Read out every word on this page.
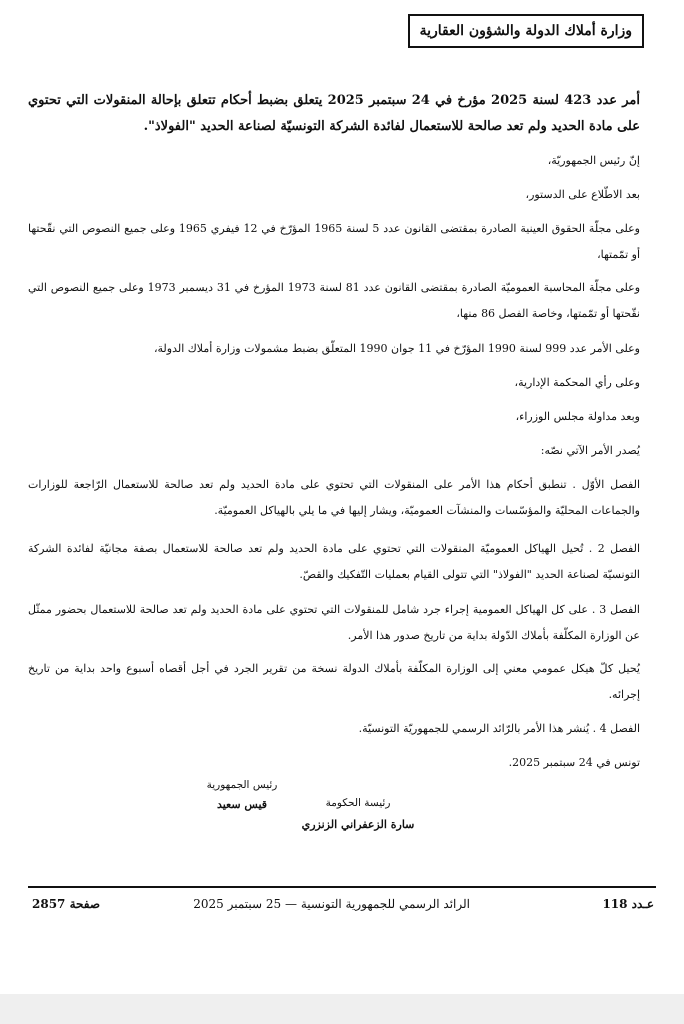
وزارة أملاك الدولة والشؤون العقارية
أمر عدد 423 لسنة 2025 مؤرخ في 24 سبتمبر 2025 يتعلق بضبط أحكام تتعلق بإحالة المنقولات التي تحتوي على مادة الحديد ولم تعد صالحة للاستعمال لفائدة الشركة التونسيّة لصناعة الحديد "الفولاذ".
إنّ رئيس الجمهوريّة،
بعد الاطّلاع على الدستور،
وعلى مجلّة الحقوق العينية الصادرة بمقتضى القانون عدد 5 لسنة 1965 المؤرّخ في 12 فيفري 1965 وعلى جميع النصوص التي نقّحتها أو تمّمتها،
وعلى مجلّة المحاسبة العموميّة الصادرة بمقتضى القانون عدد 81 لسنة 1973 المؤرخ في 31 ديسمبر 1973 وعلى جميع النصوص التي نقّحتها أو تمّمتها، وخاصة الفصل 86 منها،
وعلى الأمر عدد 999 لسنة 1990 المؤرّخ في 11 جوان 1990 المتعلّق بضبط مشمولات وزارة أملاك الدولة،
وعلى رأي المحكمة الإدارية،
وبعد مداولة مجلس الوزراء،
يُصدر الأمر الآتي نصّه:
الفصل الأوّل . تنطبق أحكام هذا الأمر على المنقولات التي تحتوي على مادة الحديد ولم تعد صالحة للاستعمال الرّاجعة للوزارات والجماعات المحليّة والمؤسّسات والمنشآت العموميّة، ويشار إليها في ما يلي بالهياكل العموميّة.
الفصل 2 . تُحيل الهياكل العموميّة المنقولات التي تحتوي على مادة الحديد ولم تعد صالحة للاستعمال بصفة مجانيّة لفائدة الشركة التونسيّة لصناعة الحديد "الفولاذ" التي تتولى القيام بعمليات التّفكيك والقصّ.
الفصل 3 . على كل الهياكل العمومية إجراء جرد شامل للمنقولات التي تحتوي على مادة الحديد ولم تعد صالحة للاستعمال بحضور ممثّل عن الوزارة المكلّفة بأملاك الدّولة بداية من تاريخ صدور هذا الأمر.
يُحيل كلّ هيكل عمومي معني إلى الوزارة المكلّفة بأملاك الدولة نسخة من تقرير الجرد في أجل أقصاه أسبوع واحد بداية من تاريخ إجرائه.
الفصل 4 . يُنشر هذا الأمر بالرّائد الرسمي للجمهوريّة التونسيّة.
تونس في 24 سبتمبر 2025.
رئيس الجمهورية
قيس سعيد	رئيسة الحكومة
سارة الزعفراني الزنزري
عـدد 118
الرائد الرسمي للجمهورية التونسية — 25 سبتمبر 2025
صفحة 2857
